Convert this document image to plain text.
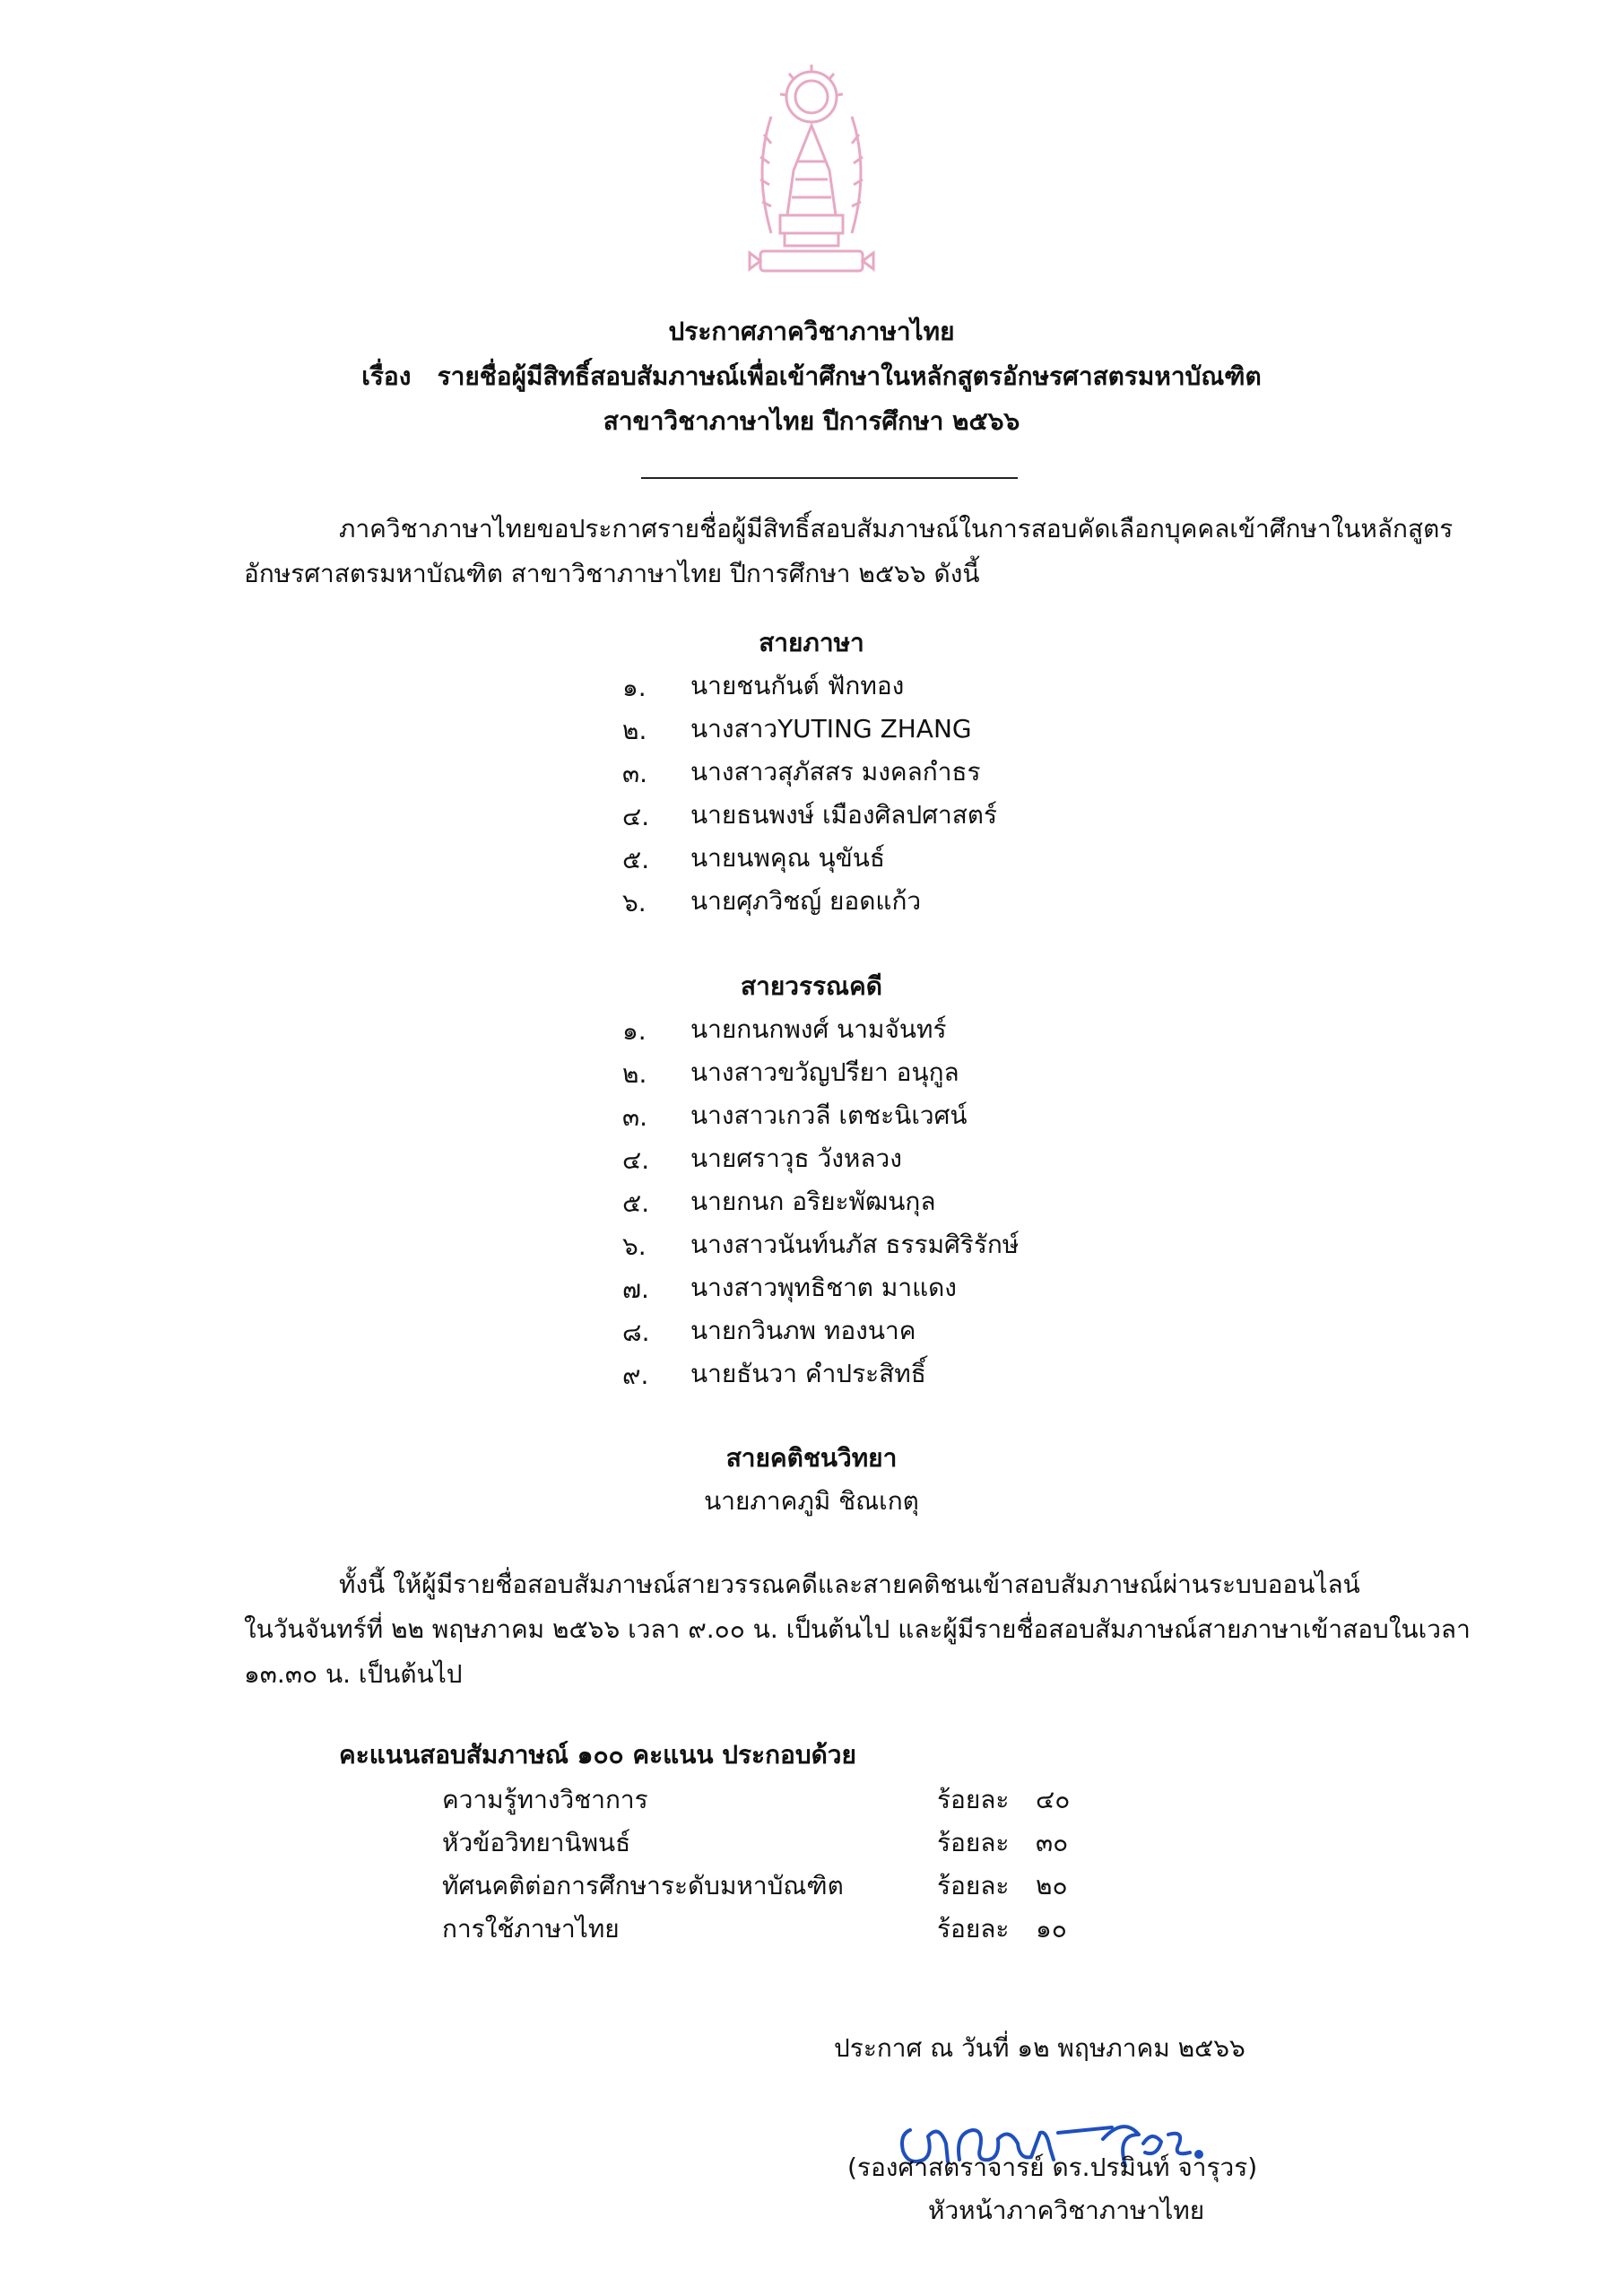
ประกาศภาควิชาภาษาไทย
เรื่อง รายชื่อผู้มีสิทธิ์สอบสัมภาษณ์เพื่อเข้าศึกษาในหลักสูตรอักษรศาสตรมหาบัณฑิต
สาขาวิชาภาษาไทย ปีการศึกษา ๒๕๖๖
ภาควิชาภาษาไทยขอประกาศรายชื่อผู้มีสิทธิ์สอบสัมภาษณ์ในการสอบคัดเลือกบุคคลเข้าศึกษาในหลักสูตร
อักษรศาสตรมหาบัณฑิต สาขาวิชาภาษาไทย ปีการศึกษา ๒๕๖๖ ดังนี้
สายภาษา
๑.	นายชนกันต์ ฟักทอง
๒.	นางสาวYUTING ZHANG
๓.	นางสาวสุภัสสร มงคลกำธร
๔.	นายธนพงษ์ เมืองศิลปศาสตร์
๕.	นายนพคุณ นุขันธ์
๖.	นายศุภวิชญ์ ยอดแก้ว
สายวรรณคดี
๑.	นายกนกพงศ์ นามจันทร์
๒.	นางสาวขวัญปรียา อนุกูล
๓.	นางสาวเกวลี เตชะนิเวศน์
๔.	นายศราวุธ วังหลวง
๕.	นายกนก อริยะพัฒนกุล
๖.	นางสาวนันท์นภัส ธรรมศิริรักษ์
๗.	นางสาวพุทธิชาต มาแดง
๘.	นายกวินภพ ทองนาค
๙.	นายธันวา คำประสิทธิ์
สายคติชนวิทยา
นายภาคภูมิ ชิณเกตุ
ทั้งนี้ ให้ผู้มีรายชื่อสอบสัมภาษณ์สายวรรณคดีและสายคติชนเข้าสอบสัมภาษณ์ผ่านระบบออนไลน์
ในวันจันทร์ที่ ๒๒ พฤษภาคม ๒๕๖๖ เวลา ๙.๐๐ น. เป็นต้นไป และผู้มีรายชื่อสอบสัมภาษณ์สายภาษาเข้าสอบในเวลา
๑๓.๓๐ น. เป็นต้นไป
คะแนนสอบสัมภาษณ์ ๑๐๐ คะแนน ประกอบด้วย
ความรู้ทางวิชาการ	ร้อยละ ๔๐
หัวข้อวิทยานิพนธ์	ร้อยละ ๓๐
ทัศนคติต่อการศึกษาระดับมหาบัณฑิต	ร้อยละ ๒๐
การใช้ภาษาไทย	ร้อยละ ๑๐
ประกาศ ณ วันที่ ๑๒ พฤษภาคม ๒๕๖๖
(รองศาสตราจารย์ ดร.ปรมินท์ จารุวร)
หัวหน้าภาควิชาภาษาไทย
